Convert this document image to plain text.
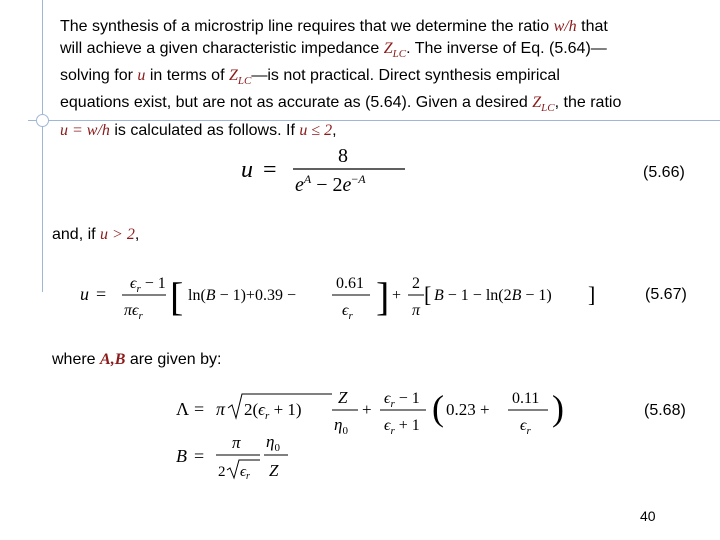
The synthesis of a microstrip line requires that we determine the ratio w/h that
will achieve a given characteristic impedance $Z_{LC}$. The inverse of Eq. (5.64)—
solving for u in terms of $Z_{LC}—is$ not practical. Direct synthesis empirical
equations exist, but are not as accurate as (5.64). Given a desired $Z_{LC}$, the ratio
u = w/h is calculated as follows. If u ≤ 2,
u =
8
$e^A - 2e^-A$	(5.66)
and, if u > 2,
u =
$\epsilon_r - 1$
$\pi\epsilon_r$ [ ln(B − 1)+0.39 −
0.61
$\epsilon_r$ ] +
2
π
[ B − 1 − ln(2B − 1) ]	(5.67)
where A,B are given by:
Λ = π $2(\epsilon_r + 1)$
Z
$\eta_0$
+
$\epsilon_r - 1$
$\epsilon_r + 1$ ( 0.23 +
0.11
$\epsilon_r$
)
B =
π
2 $\epsilon_r$
$\eta_0$
Z
(5.68)
40
